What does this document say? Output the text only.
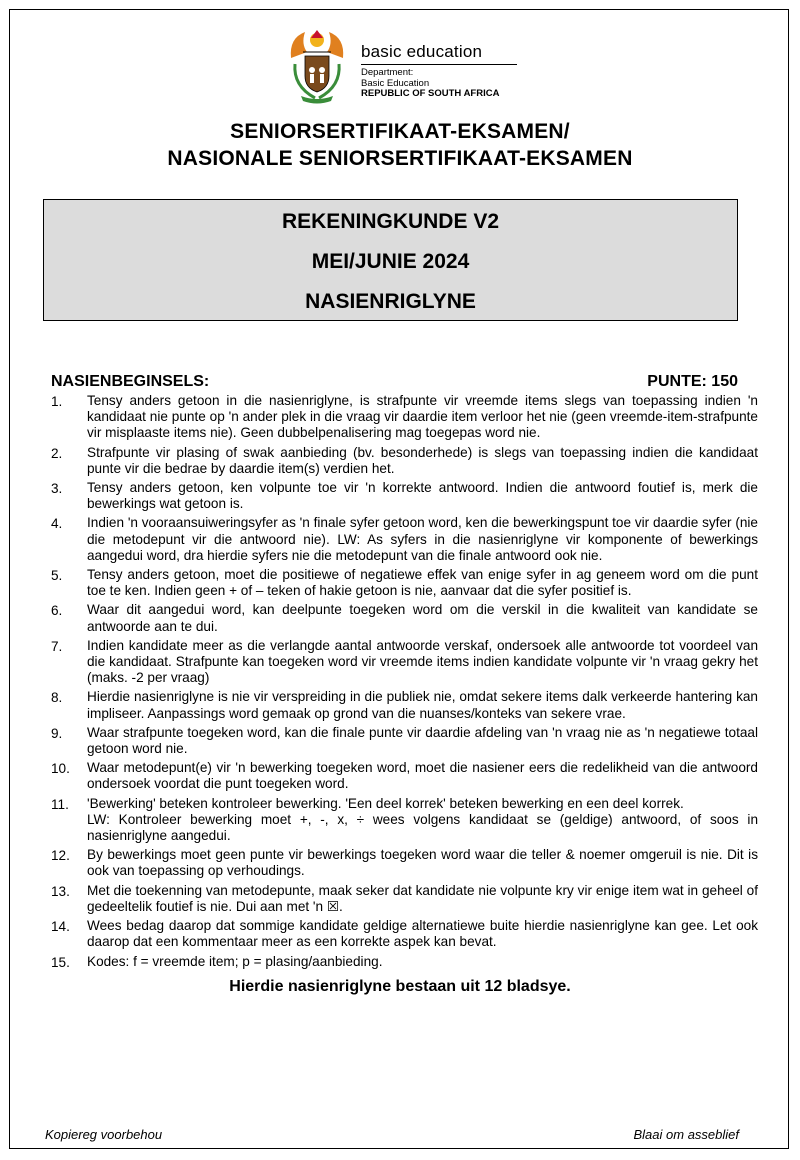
basic education
Department:
Basic Education
REPUBLIC OF SOUTH AFRICA
SENIORSERTIFIKAAT-EKSAMEN/
NASIONALE SENIORSERTIFIKAAT-EKSAMEN
REKENINGKUNDE V2
MEI/JUNIE 2024
NASIENRIGLYNE
NASIENBEGINSELS:	PUNTE: 150
1. Tensy anders getoon in die nasienriglyne, is strafpunte vir vreemde items slegs van toepassing indien 'n kandidaat nie punte op 'n ander plek in die vraag vir daardie item verloor het nie (geen vreemde-item-strafpunte vir misplaaste items nie). Geen dubbelpenalisering mag toegepas word nie.
2. Strafpunte vir plasing of swak aanbieding (bv. besonderhede) is slegs van toepassing indien die kandidaat punte vir die bedrae by daardie item(s) verdien het.
3. Tensy anders getoon, ken volpunte toe vir 'n korrekte antwoord. Indien die antwoord foutief is, merk die bewerkings wat getoon is.
4. Indien 'n vooraansuiweringsyfer as 'n finale syfer getoon word, ken die bewerkingspunt toe vir daardie syfer (nie die metodepunt vir die antwoord nie). LW: As syfers in die nasienriglyne vir komponente of bewerkings aangedui word, dra hierdie syfers nie die metodepunt van die finale antwoord ook nie.
5. Tensy anders getoon, moet die positiewe of negatiewe effek van enige syfer in ag geneem word om die punt toe te ken. Indien geen + of – teken of hakie getoon is nie, aanvaar dat die syfer positief is.
6. Waar dit aangedui word, kan deelpunte toegeken word om die verskil in die kwaliteit van kandidate se antwoorde aan te dui.
7. Indien kandidate meer as die verlangde aantal antwoorde verskaf, ondersoek alle antwoorde tot voordeel van die kandidaat. Strafpunte kan toegeken word vir vreemde items indien kandidate volpunte vir 'n vraag gekry het (maks. -2 per vraag)
8. Hierdie nasienriglyne is nie vir verspreiding in die publiek nie, omdat sekere items dalk verkeerde hantering kan impliseer. Aanpassings word gemaak op grond van die nuanses/konteks van sekere vrae.
9. Waar strafpunte toegeken word, kan die finale punte vir daardie afdeling van 'n vraag nie as 'n negatiewe totaal getoon word nie.
10. Waar metodepunt(e) vir 'n bewerking toegeken word, moet die nasiener eers die redelikheid van die antwoord ondersoek voordat die punt toegeken word.
11. 'Bewerking' beteken kontroleer bewerking. 'Een deel korrek' beteken bewerking en een deel korrek.
LW: Kontroleer bewerking moet +, -, x, ÷ wees volgens kandidaat se (geldige) antwoord, of soos in nasienriglyne aangedui.
12. By bewerkings moet geen punte vir bewerkings toegeken word waar die teller & noemer omgeruil is nie. Dit is ook van toepassing op verhoudings.
13. Met die toekenning van metodepunte, maak seker dat kandidate nie volpunte kry vir enige item wat in geheel of gedeeltelik foutief is nie. Dui aan met 'n ☒.
14. Wees bedag daarop dat sommige kandidate geldige alternatiewe buite hierdie nasienriglyne kan gee. Let ook daarop dat een kommentaar meer as een korrekte aspek kan bevat.
15. Kodes: f = vreemde item; p = plasing/aanbieding.
Hierdie nasienriglyne bestaan uit 12 bladsye.
Kopiereg voorbehou	Blaai om asseblief
